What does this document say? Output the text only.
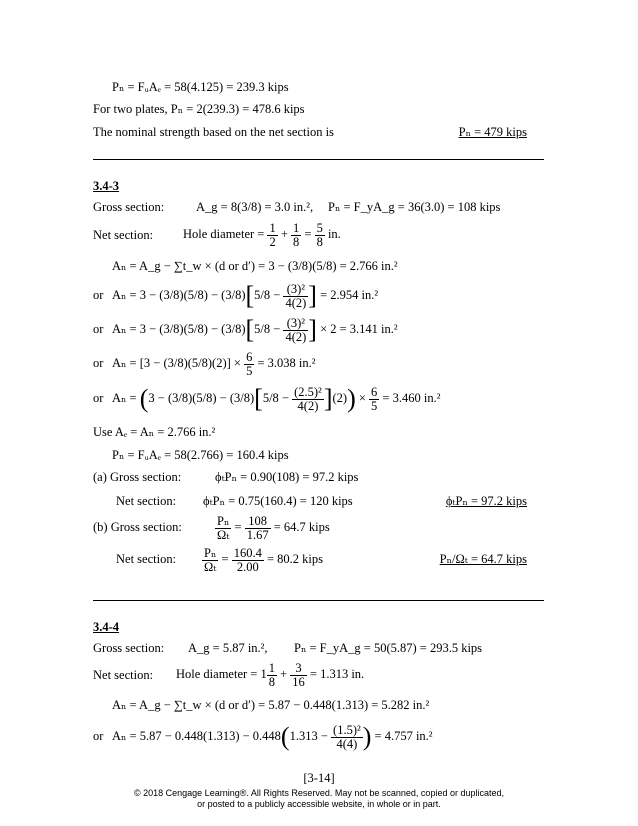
Pₙ = FᵤAₑ = 58(4.125) = 239.3 kips
For two plates, Pₙ = 2(239.3) = 478.6 kips
The nominal strength based on the net section is	Pₙ = 479 kips
3.4-3
Gross section:	A_g = 8(3/8) = 3.0 in.², Pₙ = F_yA_g = 36(3.0) = 108 kips
Net section: Hole diameter = $\frac{1}{2} + \frac{1}{8} = \frac{5}{8}$ in.
Aₙ = A_g − ∑t_w × (d or d′) = 3 − (3/8)(5/8) = 2.766 in.²
or $A_n = 3 - (3/8)(5/8) - (3/8)[5/8 - \frac{\text{(3)²}}{4(2)}$ ] = 2.954 in.²
or $A_n = 3 - (3/8)(5/8) - (3/8)[5/8 - \frac{\text{(3)²}}{4(2)}$ ] × 2 = 3.141 in.²
or $A_n = [3 - (3/8)(5/8)(2)] \times \frac{6}{5} = 3.038$ in.²
or $A_n = (3 - (3/8)(5/8) - (3/8)[5/8 - \frac{\text{(2.5)²}}{4(2)} ](2)) \times \frac{6}{5} = 3.460$ in.²
Use Aₑ = Aₙ = 2.766 in.²
Pₙ = FᵤAₑ = 58(2.766) = 160.4 kips
(a) Gross section:	ϕₜPₙ = 0.90(108) = 97.2 kips
Net section: ϕₜPₙ = 0.75(160.4) = 120 kips	ϕₜPₙ = 97.2 kips
(b) Gross section:	$\frac{\text{Pₙ}}{\text{Ωₜ}} = \frac{108}{1.67} = 64.7$ kips
Net section: $\frac{\text{Pₙ}}{\text{Ωₜ}} = \frac{160.4}{2.00} = 80.2$ kips	Pₙ/Ωₜ = 64.7 kips
3.4-4
Gross section: A_g = 5.87 in.², Pₙ = F_yA_g = 50(5.87) = 293.5 kips
Net section: Hole diameter = $1 \frac{1}{8} + \frac{3}{16} = 1.313$ in.
Aₙ = A_g − ∑t_w × (d or d′) = 5.87 − 0.448(1.313) = 5.282 in.²
or $A_n = 5.87 - 0.448(1.313) - 0.448(1.313 - \frac{\text{(1.5)²}}{4(4)}$ ) = 4.757 in.²
[3-14]
© 2018 Cengage Learning®. All Rights Reserved. May not be scanned, copied or duplicated,
or posted to a publicly accessible website, in whole or in part.
